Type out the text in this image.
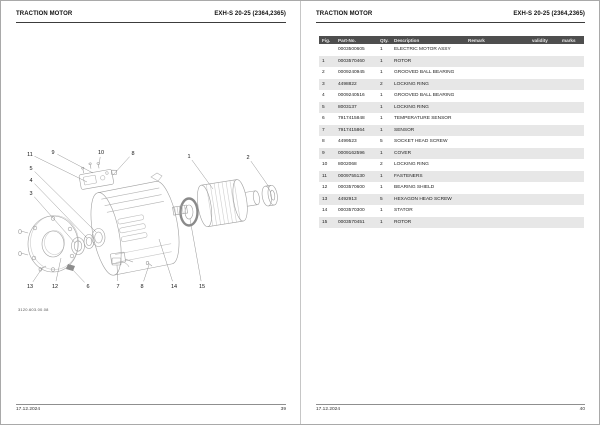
TRACTION MOTOR	EXH-S 20-25 (2364,2365)
11	9	10	8	1	2
5
4
3
13	12	6	7	8	14	15
3120.603.00.08
17.12.2024	39
TRACTION MOTOR	EXH-S 20-25 (2364,2365)
Fig.	Part-No.	Qty.	Description	Remark	validity	marks
	0003500605	1	ELECTRIC MOTOR ASSY			
1	0003570460	1	ROTOR			
2	0009240945	1	GROOVED BALL BEARING			
3	4498822	2	LOCKING RING			
4	0009240516	1	GROOVED BALL BEARING			
5	8003137	1	LOCKING RING			
6	7917415848	1	TEMPERATURE SENSOR			
7	7917415864	1	SENSOR			
8	4499523	5	SOCKET HEAD SCREW			
9	0009162596	1	COVER			
10	8002068	2	LOCKING RING			
11	0009755130	1	FASTENERS			
12	0003570600	1	BEARING SHIELD			
13	4492913	5	HEXAGON HEAD SCREW			
14	0003570300	1	STATOR			
15	0003570451	1	ROTOR			
17.12.2024	40
